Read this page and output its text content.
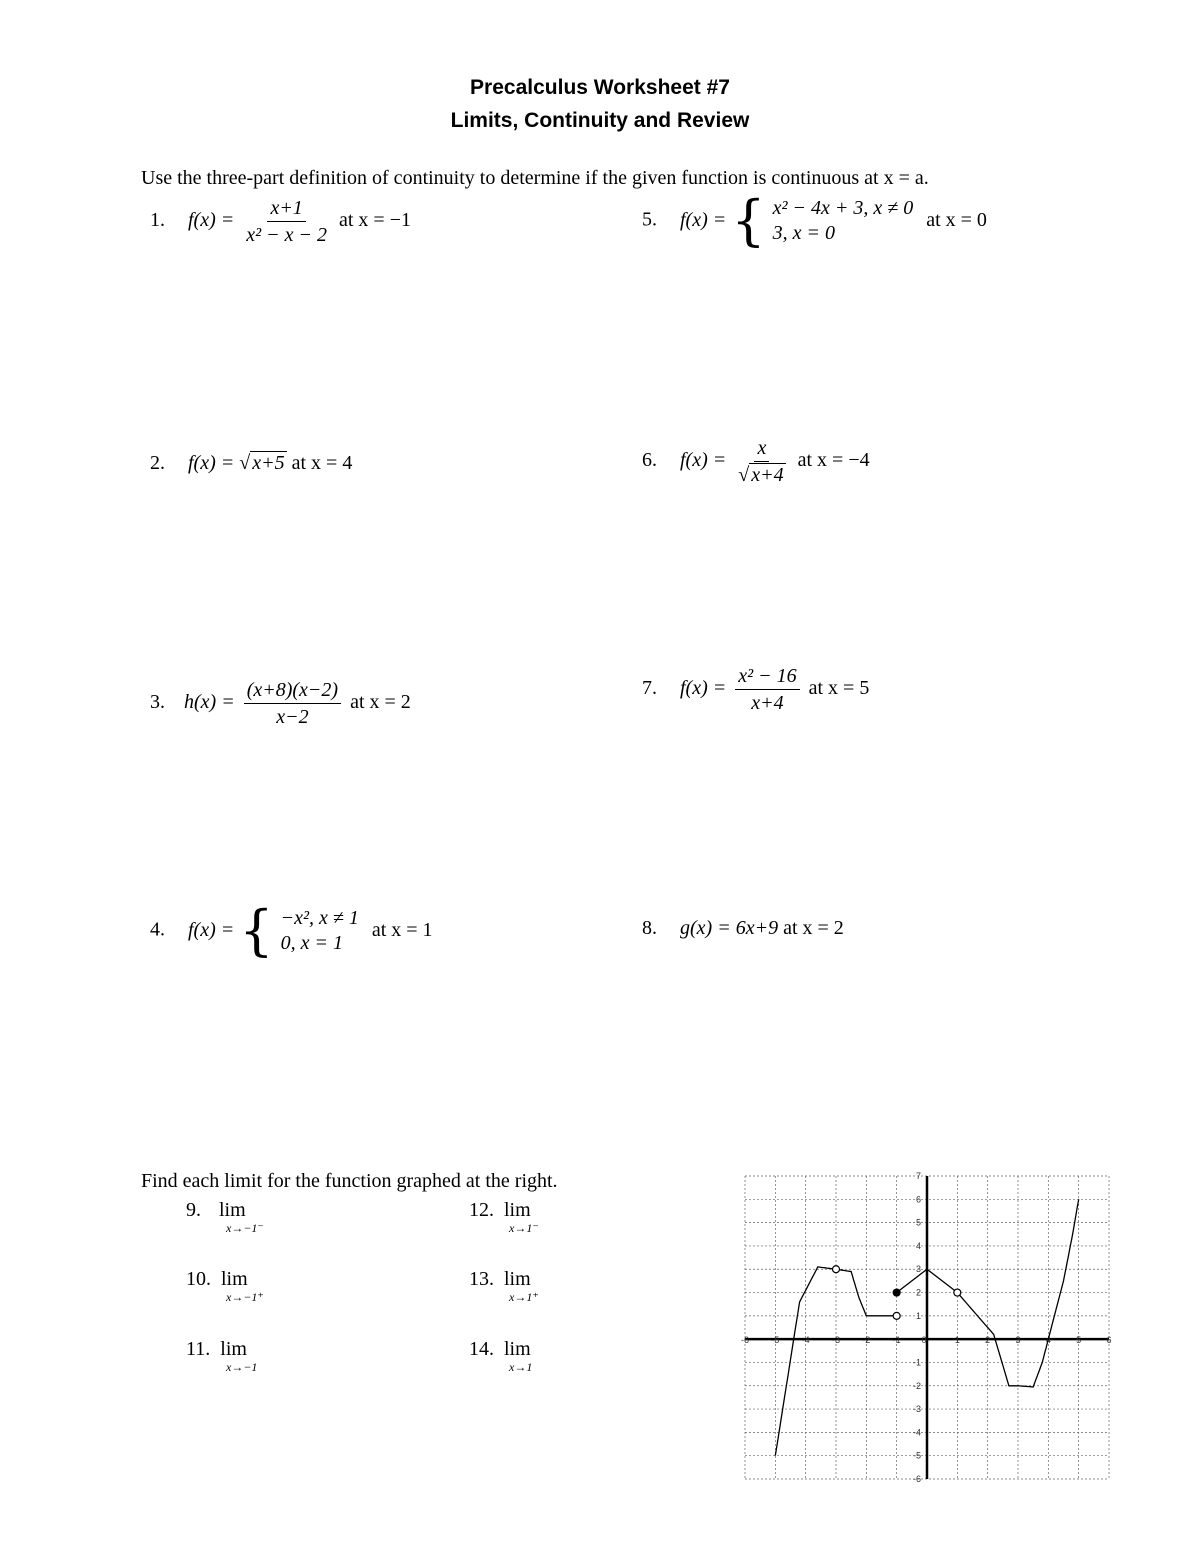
Precalculus Worksheet #7
Limits, Continuity and Review
Use the three-part definition of continuity to determine if the given function is continuous at x = a.
1. $f(x) = \frac{x+1}{\text{x² − x − 2}}$ at x = −1	5. f(x) = { x² − 4x + 3, x ≠ 0
3, x = 0
at x = 0
2. f(x) = √ x+5 at x = 4	6. $f(x) = \frac{x}{√ x+4}$ at x = −4
3. $h(x) = \frac{(x+8)(x-2)}{x-2}$ at x = 2
7. $f(x) = \frac{\text{x² − 16}}{x+4}$ at x = 5
4. f(x) = { −x², x ≠ 1
0, x = 1
at x = 1	8. g(x) = 6x+9 at x = 2
Find each limit for the function graphed at the right.
9. lim
x→−1⁻
10. lim
x→−1⁺
11. lim
x→−1
12. lim
x→1⁻
13. lim
x→1⁺
14. lim
x→1
-6 -5 -4 -3 -2 -1 0	1	2	3	4	5	6
7
6
5
4
3
2
1
-1
-2
-3
-4
-5
-6
